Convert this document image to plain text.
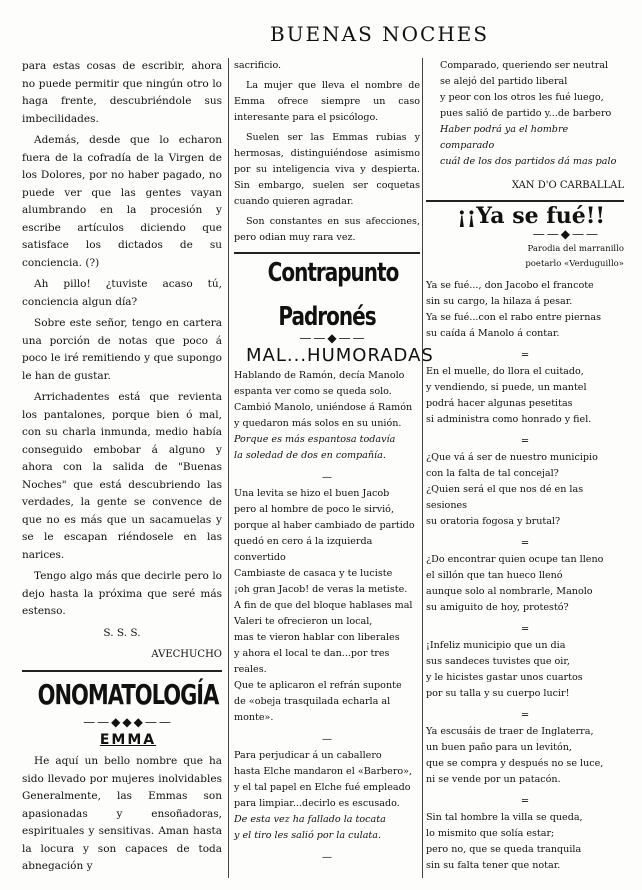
BUENAS NOCHES

para estas cosas de escribir, ahora no puede permitir que ningún otro lo haga frente, descubriéndole sus imbecilidades.

Además, desde que lo echaron fuera de la cofradía de la Virgen de los Dolores, por no haber pagado, no puede ver que las gentes vayan alumbrando en la procesión y escribe artículos diciendo que satisface los dictados de su conciencia. (?)

Ah pillo! ¿tuviste acaso tú, conciencia algun día?

Sobre este señor, tengo en cartera una porción de notas que poco á poco le iré remitiendo y que supongo le han de gustar.

Arrichadentes está que revienta los pantalones, porque bien ó mal, con su charla inmunda, medio había conseguido embobar á alguno y ahora con la salida de "Buenas Noches" que está descubriendo las verdades, la gente se convence de que no es más que un sacamuelas y se le escapan riéndosele en las narices.

Tengo algo más que decirle pero lo dejo hasta la próxima que seré más estenso.

S. S. S.

AVECHUCHO

ONOMATOLOGÍA

——◆◆◆——

EMMA

He aquí un bello nombre que ha sido llevado por mujeres inolvidables Generalmente, las Emmas son apasionadas y ensoñadoras, espirituales y sensitivas. Aman hasta la locura y son capaces de toda abnegación y

sacrificio.

La mujer que lleva el nombre de Emma ofrece siempre un caso interesante para el psicólogo.

Suelen ser las Emmas rubias y hermosas, distinguiéndose asimismo por su inteligencia viva y despierta. Sin embargo, suelen ser coquetas cuando quieren agradar.

Son constantes en sus afecciones, pero odian muy rara vez.

Contrapunto Padronés

——◆——

MAL...HUMORADAS

Hablando de Ramón, decía Manolo

espanta ver como se queda solo.

Cambió Manolo, uniéndose á Ramón

y quedaron más solos en su unión.

Porque es más espantosa todavía

la soledad de dos en compañía.

—

Una levita se hizo el buen Jacob

pero al hombre de poco le sirvió,

porque al haber cambiado de partido

quedó en cero á la izquierda convertido

Cambiaste de casaca y te luciste

¡oh gran Jacob! de veras la metiste.

A fin de que del bloque hablases mal

Valeri te ofrecieron un local,

mas te vieron hablar con liberales

y ahora el local te dan...por tres reales.

Que te aplicaron el refrán suponte

de «obeja trasquilada echarla al monte».

—

Para perjudicar á un caballero

hasta Elche mandaron el «Barbero»,

y el tal papel en Elche fué empleado

para limpiar...decirlo es escusado.

De esta vez ha fallado la tocata

y el tiro les salió por la culata.

—

Comparado, queriendo ser neutral

se alejó del partido liberal

y peor con los otros les fué luego,

pues salió de partido y...de barbero

Haber podrá ya el hombre comparado

cuál de los dos partidos dá mas palo

XAN D'O CARBALLAL

¡¡Ya se fué!!

——◆——

Parodia del marranillo

poetarlo «Verduguillo»

Ya se fué..., don Jacobo el francote

sin su cargo, la hilaza á pesar.

Ya se fué...con el rabo entre piernas

su caída á Manolo á contar.

═

En el muelle, do llora el cuitado,

y vendiendo, si puede, un mantel

podrá hacer algunas pesetitas

si administra como honrado y fiel.

═

¿Que vá á ser de nuestro municipio

con la falta de tal concejal?

¿Quien será el que nos dé en las sesiones

su oratoria fogosa y brutal?

═

¿Do encontrar quien ocupe tan lleno

el sillón que tan hueco llenó

aunque solo al nombrarle, Manolo

su amiguito de hoy, protestó?

═

¡Infeliz municipio que un dia

sus sandeces tuvistes que oir,

y le hicistes gastar unos cuartos

por su talla y su cuerpo lucir!

═

Ya escusáis de traer de Inglaterra,

un buen paño para un levitón,

que se compra y después no se luce,

ni se vende por un patacón.

═

Sin tal hombre la villa se queda,

lo mismito que solía estar;

pero no, que se queda tranquila

sin su falta tener que notar.
